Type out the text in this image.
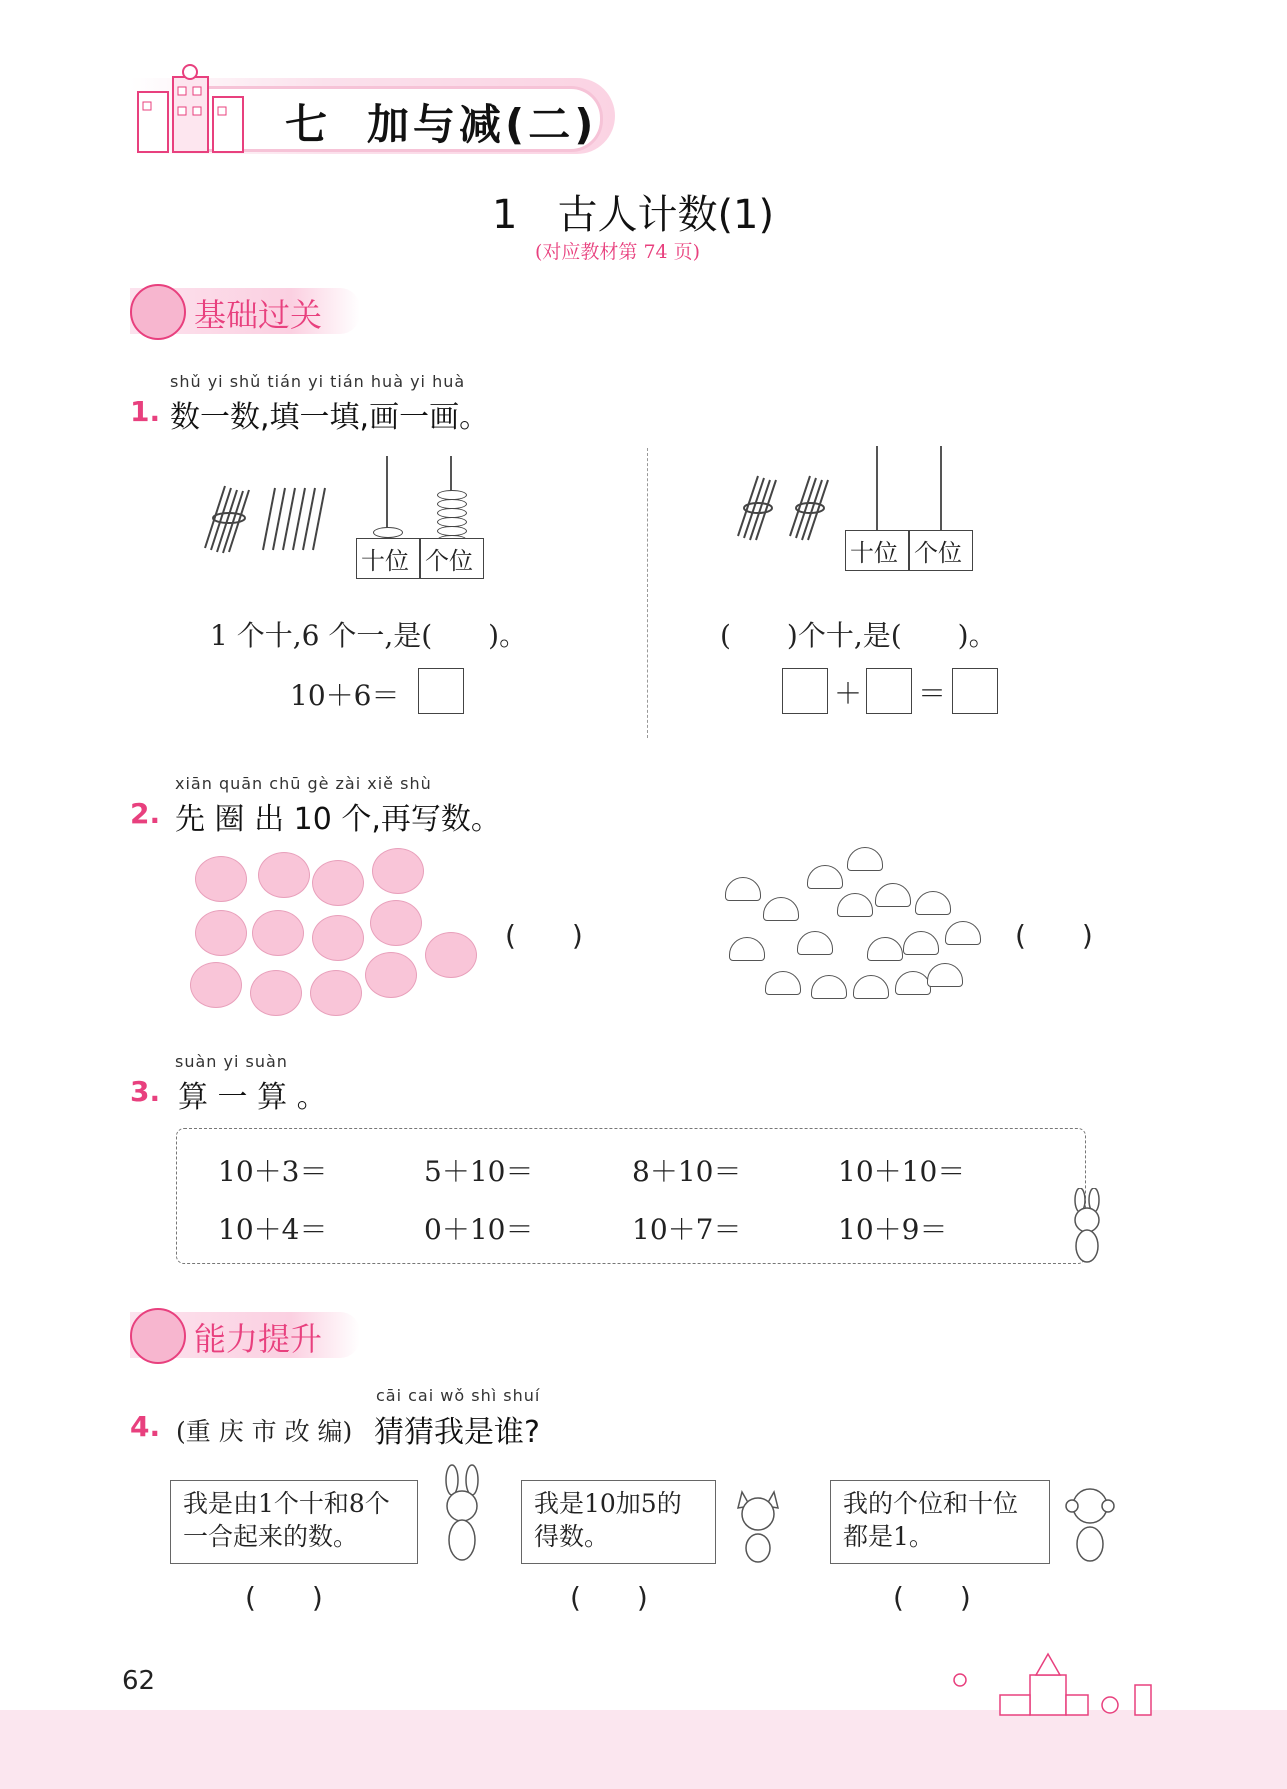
七 加与减(二)
1　古人计数(1)
(对应教材第 74 页)
基础过关
shǔ yi shǔ tián yi tián huà yi huà
1. 数一数,填一填,画一画。
十位 个位
1 个十,6 个一,是(　　)。
10＋6＝
十位 个位
(　　)个十,是(　　)。
＋ ＝
xiān quān chū gè zài xiě shù
2. 先 圈 出 10 个,再写数。
(　　)	(　　)
suàn yi suàn
3. 算 一 算 。
10＋3＝	5＋10＝	8＋10＝	10＋10＝
10＋4＝	0＋10＝	10＋7＝	10＋9＝
能力提升
cāi cai wǒ shì shuí
4. (重 庆 市 改 编) 猜猜我是谁?
我是由1个十和8个一合起来的数。
(　　)
我是10加5的得数。
(　　)
我的个位和十位都是1。
(　　)
62
